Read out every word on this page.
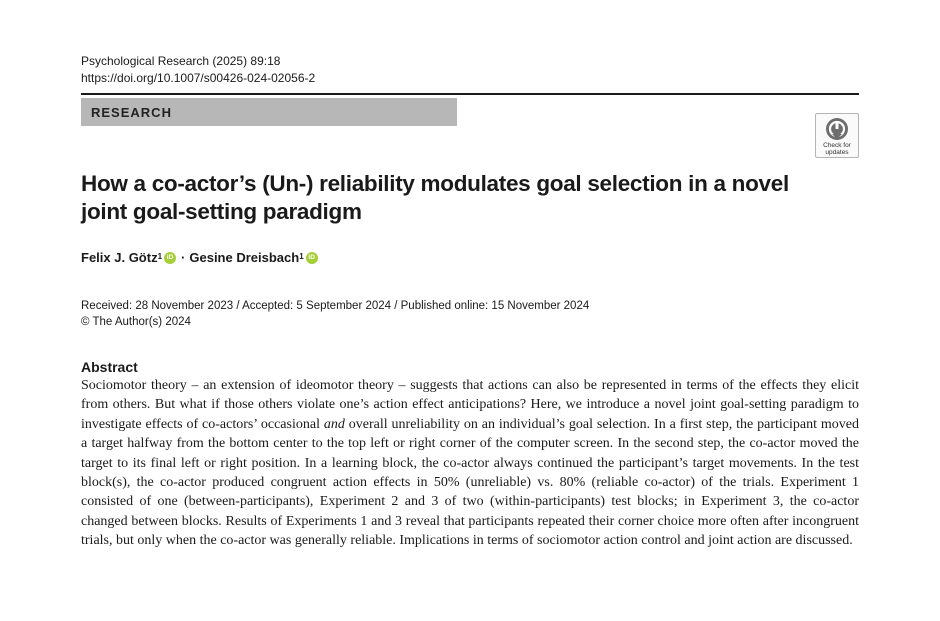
Psychological Research (2025) 89:18
https://doi.org/10.1007/s00426-024-02056-2
RESEARCH
Check for
updates
How a co-actor’s (Un-) reliability modulates goal selection in a novel joint goal-setting paradigm
Felix J. Götz$^1$ iD · Gesine Dreisbach$^1$ iD
Received: 28 November 2023 / Accepted: 5 September 2024 / Published online: 15 November 2024
© The Author(s) 2024
Abstract

Sociomotor theory – an extension of ideomotor theory – suggests that actions can also be represented in terms of the effects they elicit from others. But what if those others violate one’s action effect anticipations? Here, we introduce a novel joint goal-setting paradigm to investigate effects of co-actors’ occasional and overall unreliability on an individual’s goal selection. In a first step, the participant moved a target halfway from the bottom center to the top left or right corner of the computer screen. In the second step, the co-actor moved the target to its final left or right position. In a learning block, the co-actor always continued the participant’s target movements. In the test block(s), the co-actor produced congruent action effects in 50% (unreliable) vs. 80% (reliable co-actor) of the trials. Experiment 1 consisted of one (between-participants), Experiment 2 and 3 of two (within-participants) test blocks; in Experiment 3, the co-actor changed between blocks. Results of Experiments 1 and 3 reveal that participants repeated their corner choice more often after incongruent trials, but only when the co-actor was generally reliable. Implications in terms of sociomotor action control and joint action are discussed.
